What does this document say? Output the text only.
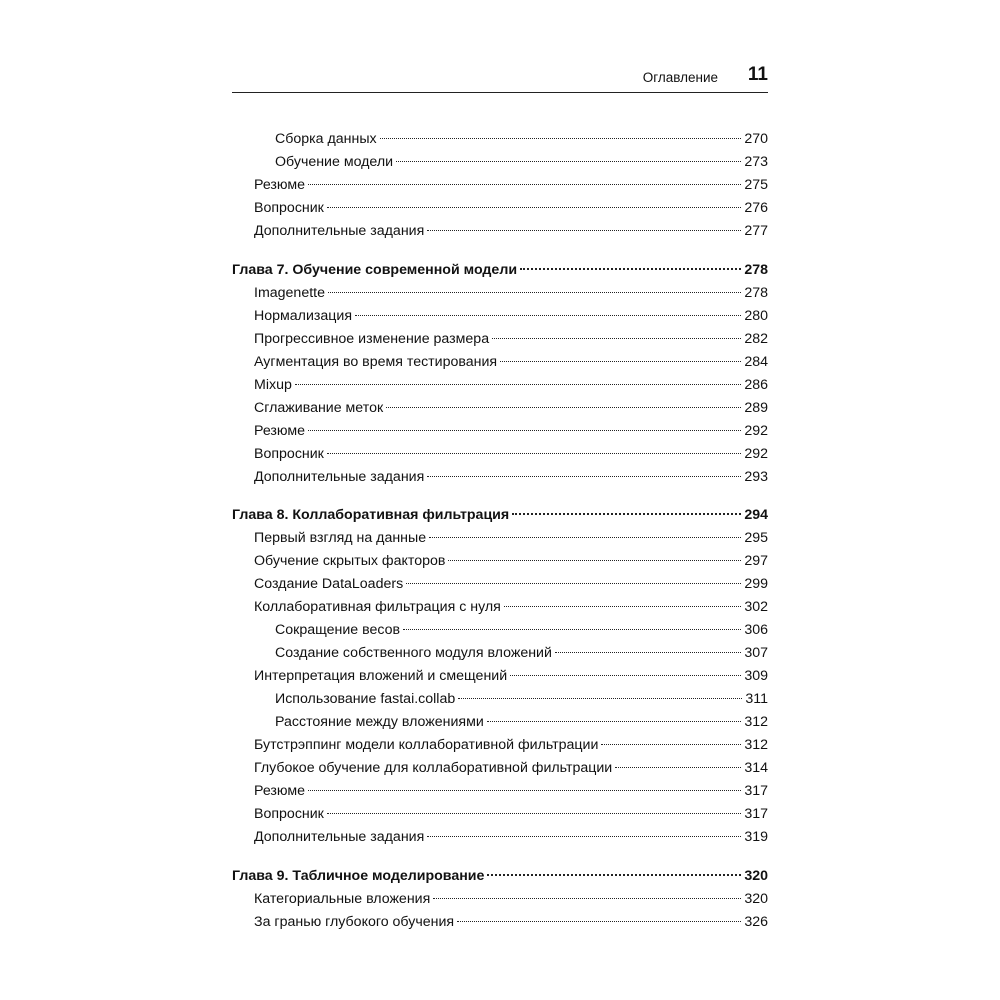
Оглавление 11
Сборка данных	270
Обучение модели	273
Резюме	275
Вопросник	276
Дополнительные задания	277
Глава 7. Обучение современной модели	278
Imagenette	278
Нормализация	280
Прогрессивное изменение размера	282
Аугментация во время тестирования	284
Mixup	286
Сглаживание меток	289
Резюме	292
Вопросник	292
Дополнительные задания	293
Глава 8. Коллаборативная фильтрация	294
Первый взгляд на данные	295
Обучение скрытых факторов	297
Создание DataLoaders	299
Коллаборативная фильтрация с нуля	302
Сокращение весов	306
Создание собственного модуля вложений	307
Интерпретация вложений и смещений	309
Использование fastai.collab	311
Расстояние между вложениями	312
Бутстрэппинг модели коллаборативной фильтрации	312
Глубокое обучение для коллаборативной фильтрации	314
Резюме	317
Вопросник	317
Дополнительные задания	319
Глава 9. Табличное моделирование	320
Категориальные вложения	320
За гранью глубокого обучения	326
